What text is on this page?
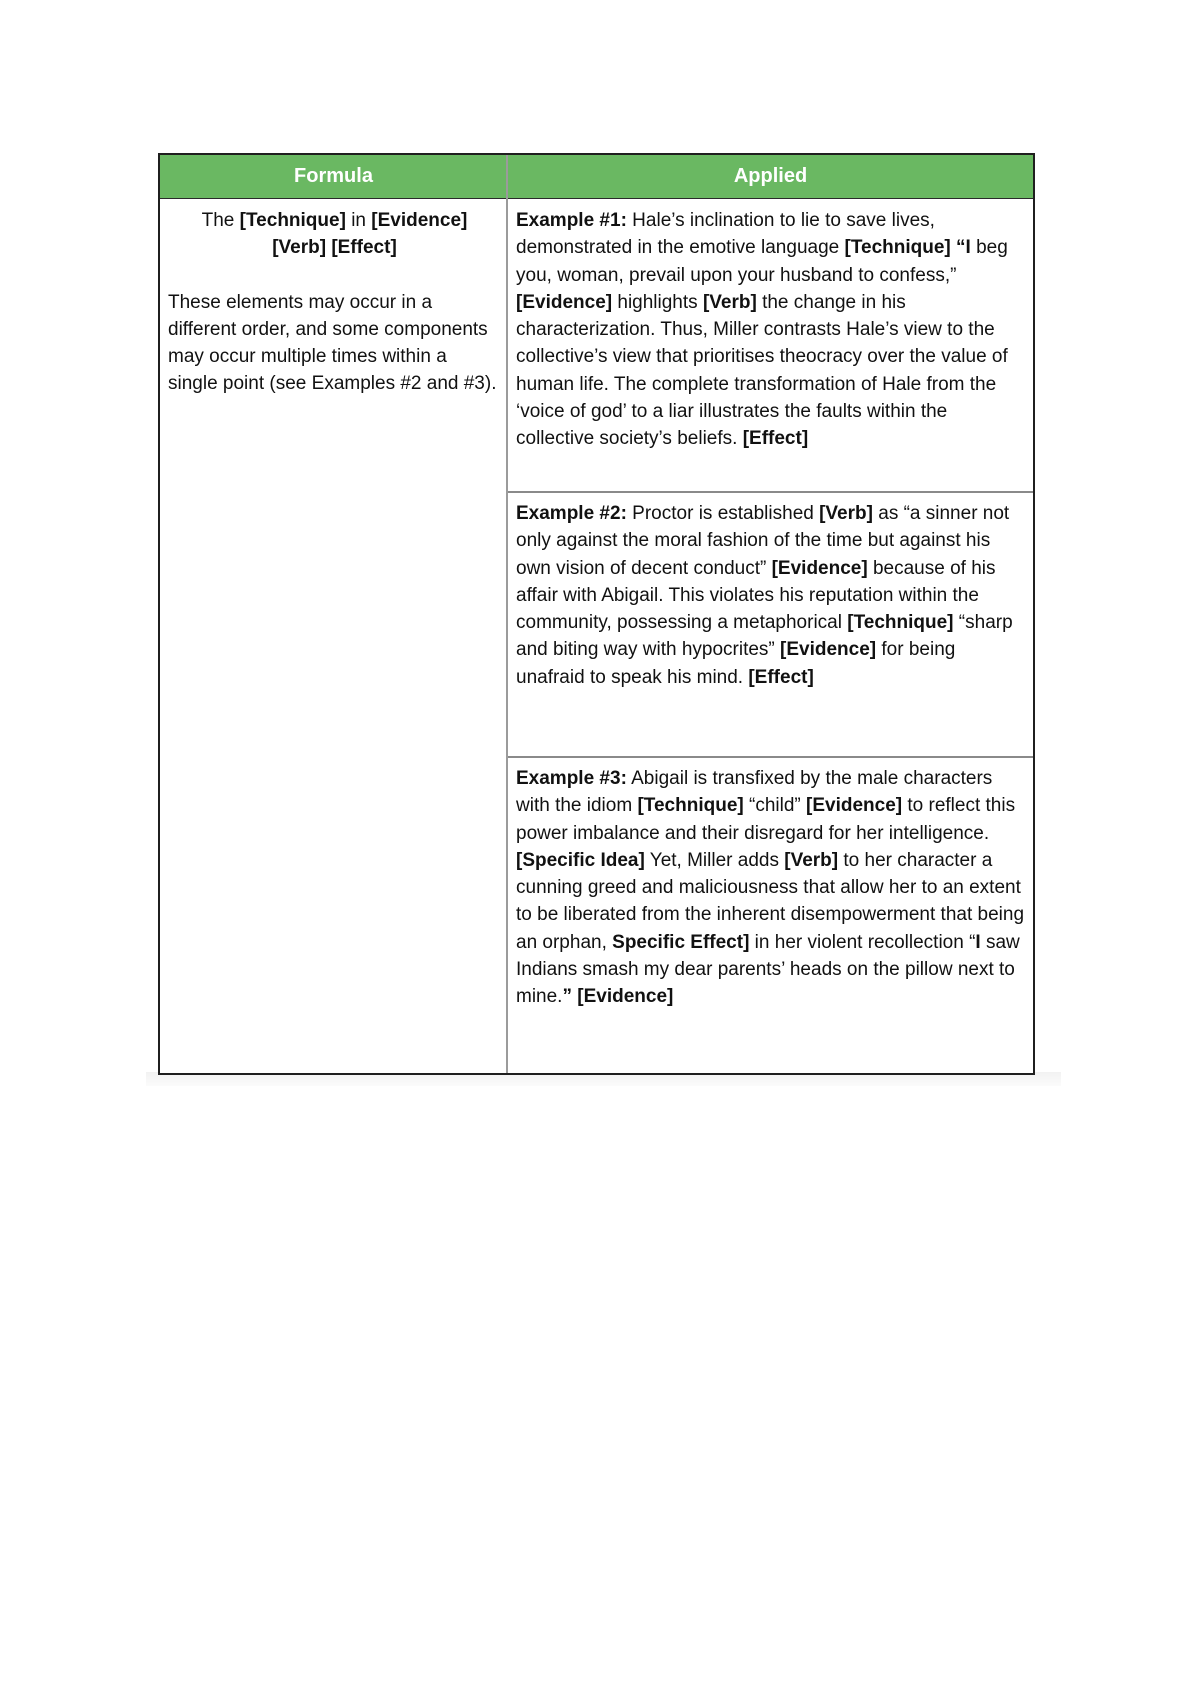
Formula	Applied
The [Technique] in [Evidence] [Verb] [Effect]
These elements may occur in a different order, and some components may occur multiple times within a single point (see Examples #2 and #3).
Example #1: Hale’s inclination to lie to save lives, demonstrated in the emotive language [Technique] “I beg you, woman, prevail upon your husband to confess,” [Evidence] highlights [Verb] the change in his characterization. Thus, Miller contrasts Hale’s view to the collective’s view that prioritises theocracy over the value of human life. The complete transformation of Hale from the ‘voice of god’ to a liar illustrates the faults within the collective society’s beliefs. [Effect]
Example #2: Proctor is established [Verb] as “a sinner not only against the moral fashion of the time but against his own vision of decent conduct” [Evidence] because of his affair with Abigail. This violates his reputation within the community, possessing a metaphorical [Technique] “sharp and biting way with hypocrites” [Evidence] for being unafraid to speak his mind. [Effect]
Example #3: Abigail is transfixed by the male characters with the idiom [Technique] “child” [Evidence] to reflect this power imbalance and their disregard for her intelligence. [Specific Idea] Yet, Miller adds [Verb] to her character a cunning greed and maliciousness that allow her to an extent to be liberated from the inherent disempowerment that being an orphan, Specific Effect] in her violent recollection “I saw Indians smash my dear parents’ heads on the pillow next to mine.” [Evidence]
